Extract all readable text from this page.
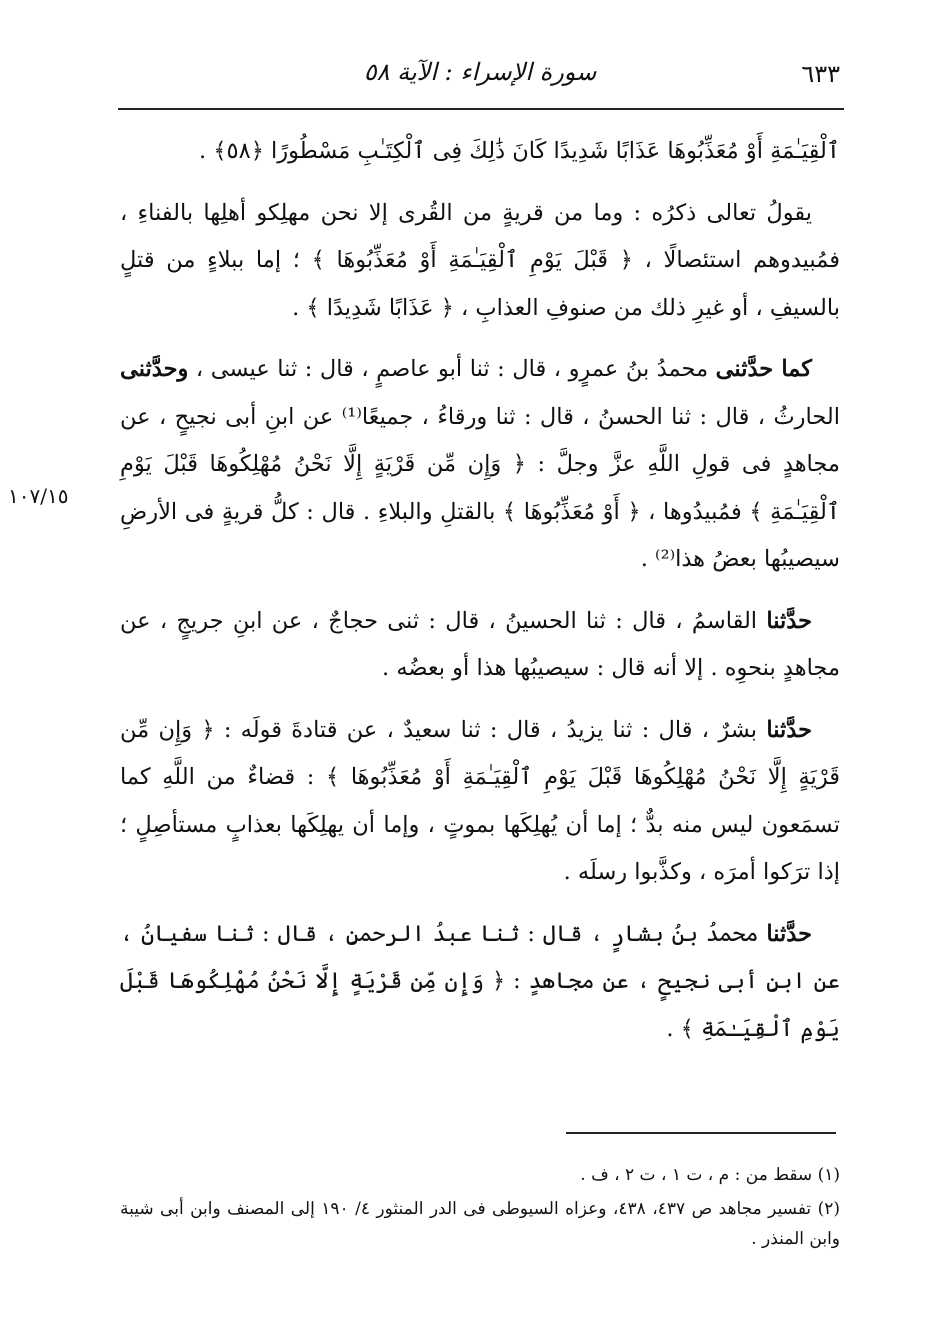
٦٣٣
سورة الإسراء : الآية ٥٨
١٠٧/١٥

ٱلْقِيَـٰمَةِ أَوْ مُعَذِّبُوهَا عَذَابًا شَدِيدًا كَانَ ذَٰلِكَ فِى ٱلْكِتَـٰبِ مَسْطُورًا ﴿٥٨﴾ .

يقولُ تعالى ذكرُه : وما من قريةٍ من القُرى إلا نحن مهلِكو أهلِها بالفناءِ ، فمُبيدوهم استئصالًا ، ﴿ قَبْلَ يَوْمِ ٱلْقِيَـٰمَةِ أَوْ مُعَذِّبُوهَا ﴾ ؛ إما ببلاءٍ من قتلٍ بالسيفِ ، أو غيرِ ذلك من صنوفِ العذابِ ، ﴿ عَذَابًا شَدِيدًا ﴾ .

كما حدَّثنى محمدُ بنُ عمرٍو ، قال : ثنا أبو عاصمٍ ، قال : ثنا عيسى ، وحدَّثنى الحارثُ ، قال : ثنا الحسنُ ، قال : ثنا ورقاءُ ، جميعًا⁽¹⁾ عن ابنِ أبى نجيحٍ ، عن مجاهدٍ فى قولِ اللَّهِ عزَّ وجلَّ : ﴿ وَإِن مِّن قَرْيَةٍ إِلَّا نَحْنُ مُهْلِكُوهَا قَبْلَ يَوْمِ ٱلْقِيَـٰمَةِ ﴾ فمُبيدُوها ، ﴿ أَوْ مُعَذِّبُوهَا ﴾ بالقتلِ والبلاءِ . قال : كلُّ قريةٍ فى الأرضِ سيصيبُها بعضُ هذا⁽²⁾ .

حدَّثنا القاسمُ ، قال : ثنا الحسينُ ، قال : ثنى حجاجٌ ، عن ابنِ جريجٍ ، عن مجاهدٍ بنحوِه . إلا أنه قال : سيصيبُها هذا أو بعضُه .

حدَّثنا بشرٌ ، قال : ثنا يزيدُ ، قال : ثنا سعيدٌ ، عن قتادةَ قولَه : ﴿ وَإِن مِّن قَرْيَةٍ إِلَّا نَحْنُ مُهْلِكُوهَا قَبْلَ يَوْمِ ٱلْقِيَـٰمَةِ أَوْ مُعَذِّبُوهَا ﴾ : قضاءٌ من اللَّهِ كما تسمَعون ليس منه بدٌّ ؛ إما أن يُهلِكَها بموتٍ ، وإما أن يهلِكَها بعذابٍ مستأصِلٍ ؛ إذا ترَكوا أمرَه ، وكذَّبوا رسلَه .

حدَّثنا محمدُ بنُ بشارٍ ، قال : ثنا عبدُ الرحمنِ ، قال : ثنا سفيانُ ، عن ابنِ أبى نجيحٍ ، عن مجاهدٍ : ﴿ وَإِن مِّن قَرْيَةٍ إِلَّا نَحْنُ مُهْلِكُوهَا قَبْلَ يَوْمِ ٱلْقِيَـٰمَةِ ﴾ .

(١) سقط من : م ، ت ١ ، ت ٢ ، ف .

(٢) تفسير مجاهد ص ٤٣٧، ٤٣٨، وعزاه السيوطى فى الدر المنثور ٤/ ١٩٠ إلى المصنف وابن أبى شيبة وابن المنذر .
